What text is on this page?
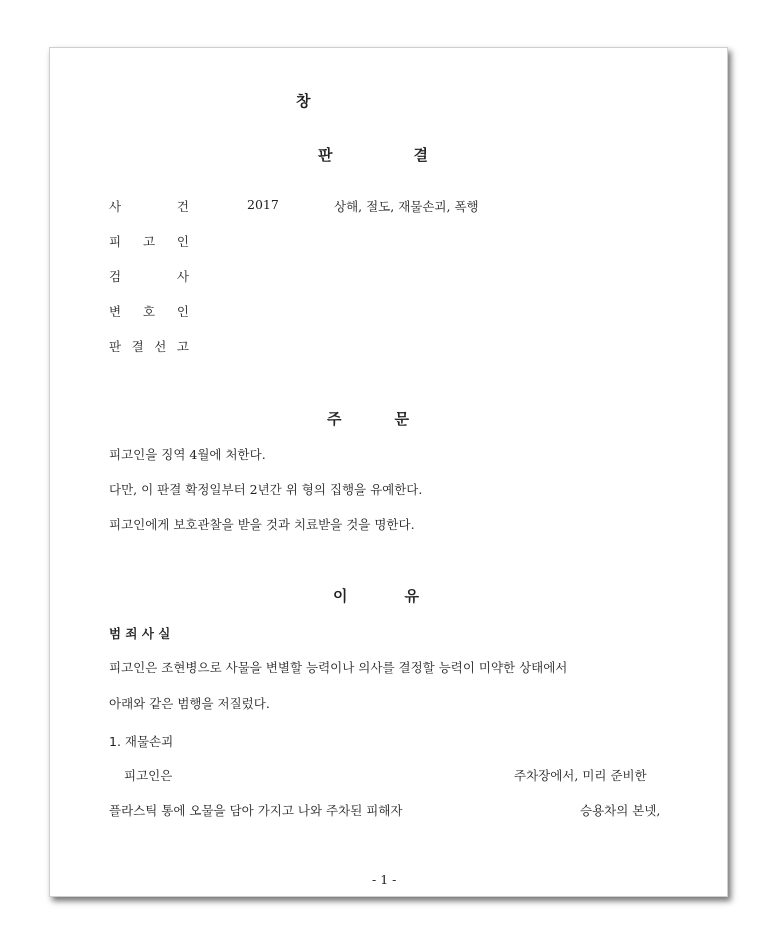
창
판	결
사	건	2017	상해, 절도, 재물손괴, 폭행
피 고 인
검	사
변 호 인
판 결 선 고
주	문
피고인을 징역 4월에 처한다.
다만, 이 판결 확정일부터 2년간 위 형의 집행을 유예한다.
피고인에게 보호관찰을 받을 것과 치료받을 것을 명한다.
이	유
범 죄 사 실
피고인은 조현병으로 사물을 변별할 능력이나 의사를 결정할 능력이 미약한 상태에서
아래와 같은 범행을 저질렀다.
1. 재물손괴
피고인은	주차장에서, 미리 준비한
플라스틱 통에 오물을 담아 가지고 나와 주차된 피해자	승용차의 본넷,
- 1 -
